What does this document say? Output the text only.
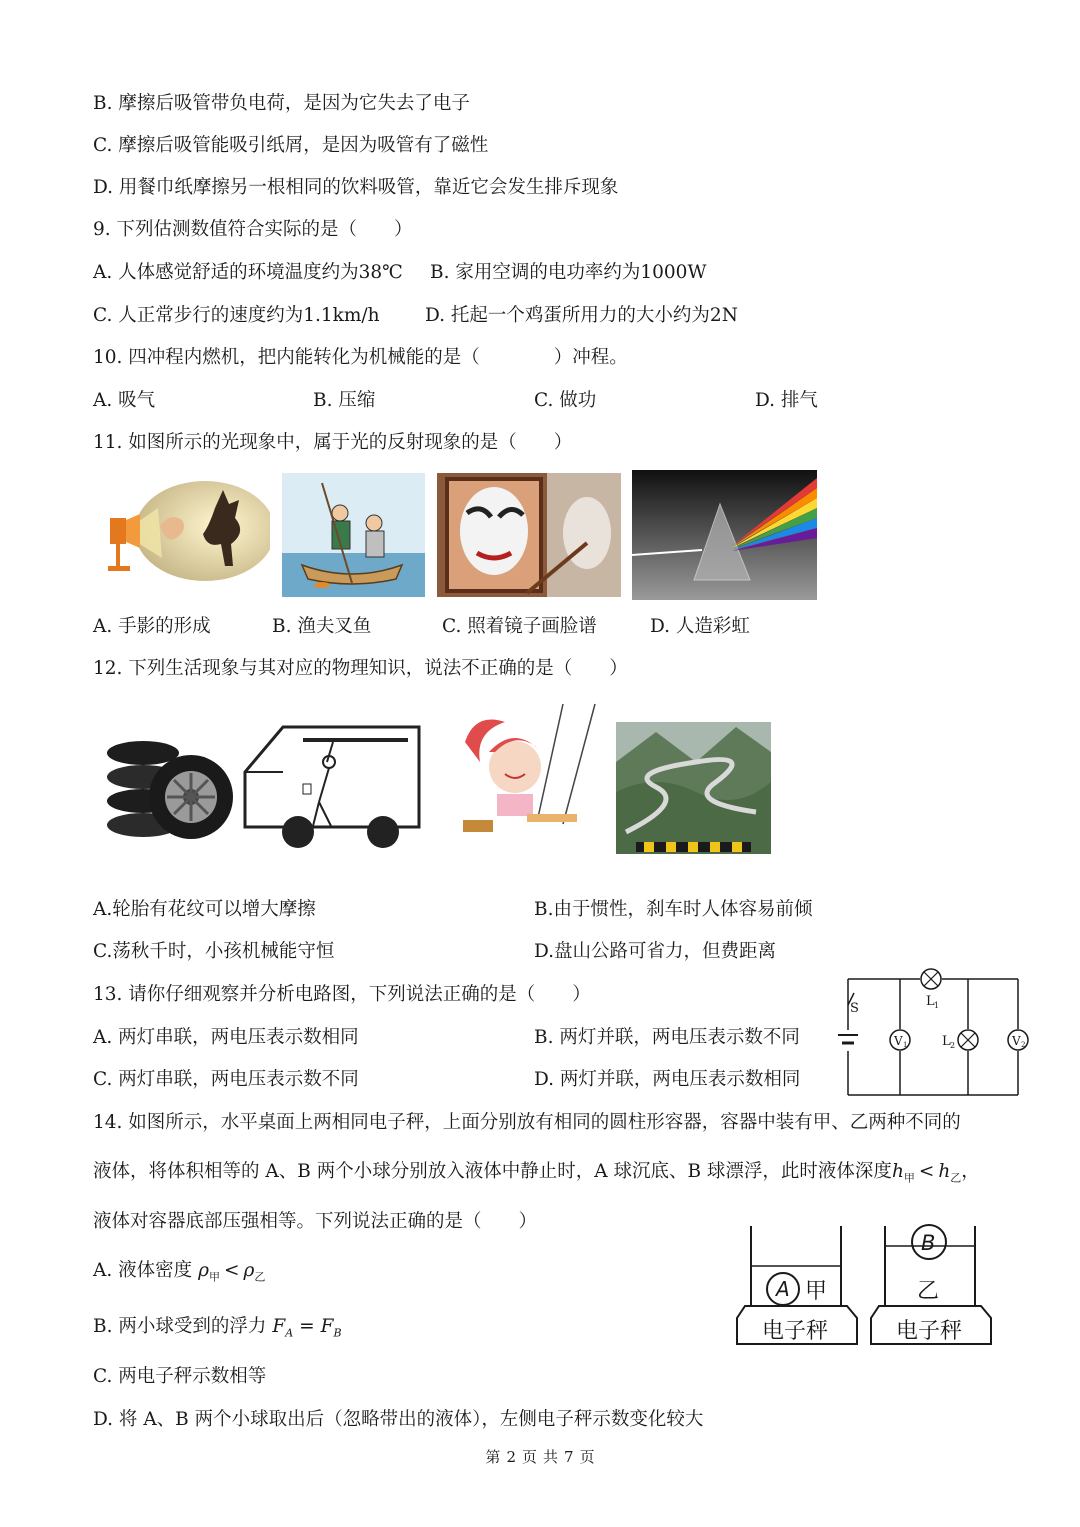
B. 摩擦后吸管带负电荷，是因为它失去了电子
C. 摩擦后吸管能吸引纸屑，是因为吸管有了磁性
D. 用餐巾纸摩擦另一根相同的饮料吸管，靠近它会发生排斥现象
9. 下列估测数值符合实际的是（　　）
A. 人体感觉舒适的环境温度约为38℃ B. 家用空调的电功率约为1000W
C. 人正常步行的速度约为1.1km/h D. 托起一个鸡蛋所用力的大小约为2N
10. 四冲程内燃机，把内能转化为机械能的是（　　　　）冲程。
A. 吸气	B. 压缩	C. 做功	D. 排气
11. 如图所示的光现象中，属于光的反射现象的是（　　）
A. 手影的形成	B. 渔夫叉鱼	C. 照着镜子画脸谱	D. 人造彩虹
12. 下列生活现象与其对应的物理知识，说法不正确的是（　　）
A.轮胎有花纹可以增大摩擦	B.由于惯性，刹车时人体容易前倾
C.荡秋千时，小孩机械能守恒	D.盘山公路可省力，但费距离
13. 请你仔细观察并分析电路图，下列说法正确的是（　　）
A. 两灯串联，两电压表示数相同	B. 两灯并联，两电压表示数不同
C. 两灯串联，两电压表示数不同	D. 两灯并联，两电压表示数相同
S	L 1
L 2
V 1	V 2
14. 如图所示，水平桌面上两相同电子秤，上面分别放有相同的圆柱形容器，容器中装有甲、乙两种不同的
液体，将体积相等的 A、B 两个小球分别放入液体中静止时，A 球沉底、B 球漂浮，此时液体深度$h_甲 < h_乙$，
液体对容器底部压强相等。下列说法正确的是（　　）
A. 液体密度 $\rho_甲 < \rho_乙$
B. 两小球受到的浮力 $F_A = F_B$
C. 两电子秤示数相等
D. 将 A、B 两个小球取出后（忽略带出的液体），左侧电子秤示数变化较大
A 甲
B
乙
电子秤	电子秤
第 2 页 共 7 页
